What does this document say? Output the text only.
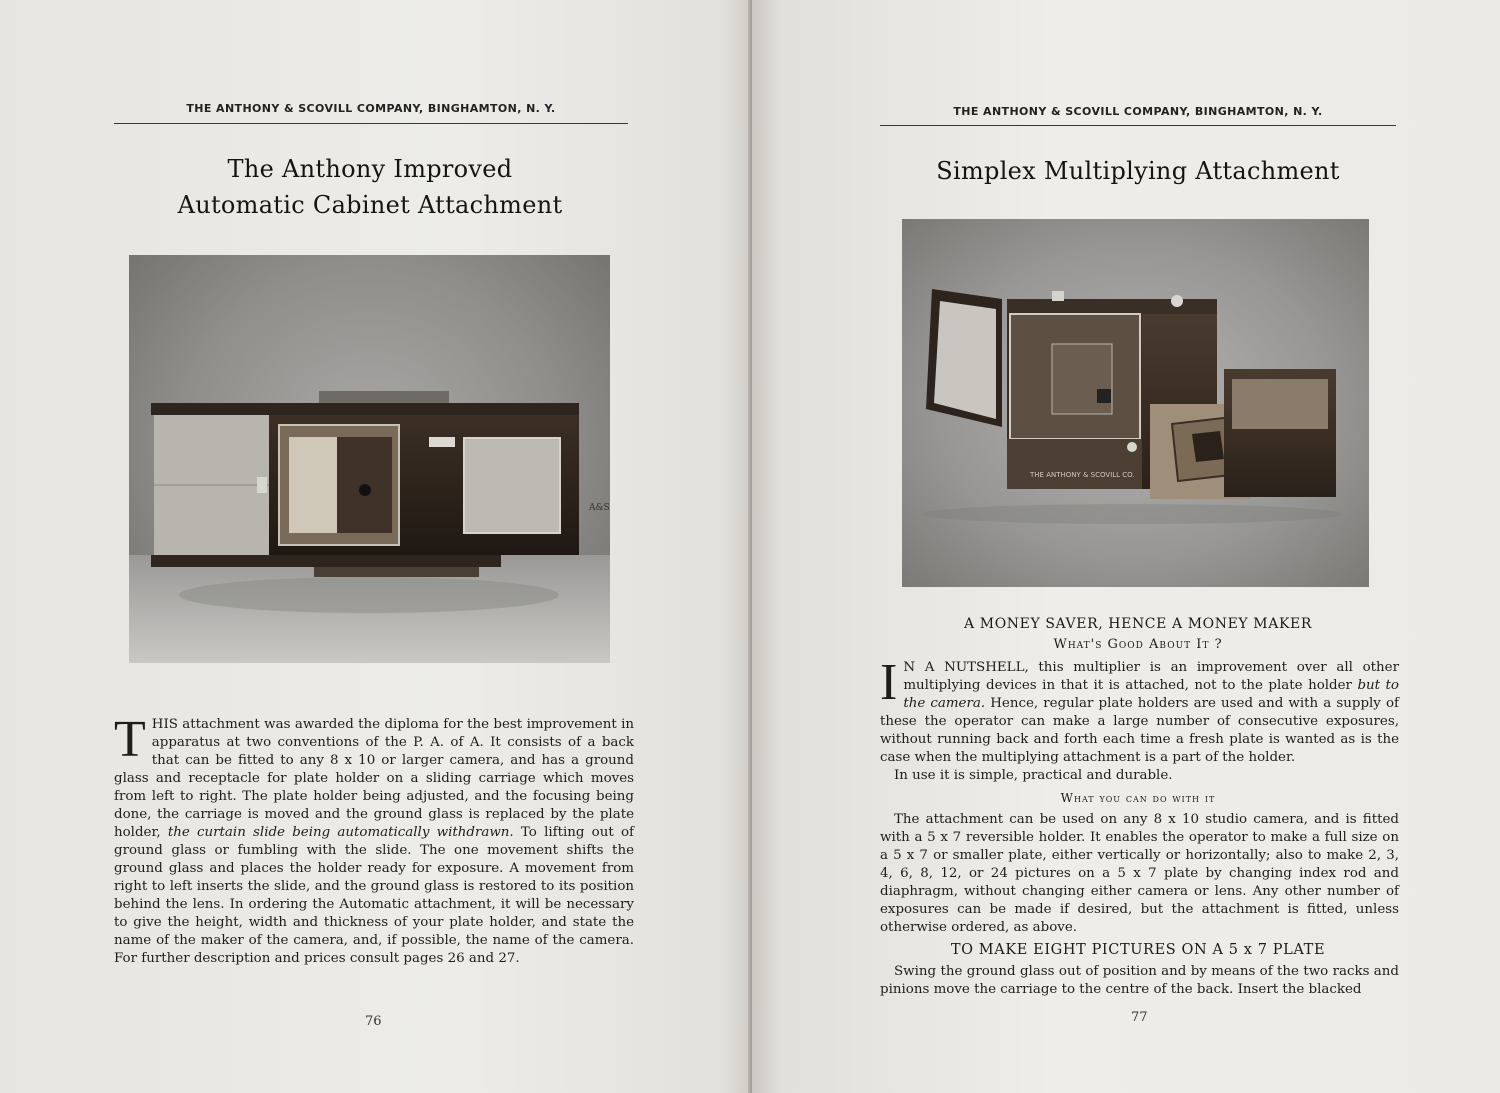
THE ANTHONY & SCOVILL COMPANY, BINGHAMTON, N. Y.
The Anthony Improved
Automatic Cabinet Attachment
A&S

THIS attachment was awarded the diploma for the best improvement in apparatus at two conventions of the P. A. of A. It consists of a back that can be fitted to any 8 x 10 or larger camera, and has a ground glass and receptacle for plate holder on a sliding carriage which moves from left to right. The plate holder being adjusted, and the focusing being done, the carriage is moved and the ground glass is replaced by the plate holder, the curtain slide being automatically withdrawn. To lifting out of ground glass or fumbling with the slide. The one movement shifts the ground glass and places the holder ready for exposure. A movement from right to left inserts the slide, and the ground glass is restored to its position behind the lens. In ordering the Automatic attachment, it will be necessary to give the height, width and thickness of your plate holder, and state the name of the maker of the camera, and, if possible, the name of the camera. For further description and prices consult pages 26 and 27.

76
THE ANTHONY & SCOVILL COMPANY, BINGHAMTON, N. Y.
Simplex Multiplying Attachment
THE ANTHONY & SCOVILL CO.
A MONEY SAVER, HENCE A MONEY MAKER
What's Good About It ?

I N A NUTSHELL, this multiplier is an improvement over all other multiplying devices in that it is attached, not to the plate holder but to the camera. Hence, regular plate holders are used and with a supply of these the operator can make a large number of consecutive exposures, without running back and forth each time a fresh plate is wanted as is the case when the multiplying attachment is a part of the holder.

In use it is simple, practical and durable.

What you can do with it
The attachment can be used on any 8 x 10 studio camera, and is fitted with a 5 x 7 reversible holder. It enables the operator to make a full size on a 5 x 7 or smaller plate, either vertically or horizontally; also to make 2, 3, 4, 6, 8, 12, or 24 pictures on a 5 x 7 plate by changing index rod and diaphragm, without changing either camera or lens. Any other number of exposures can be made if desired, but the attachment is fitted, unless otherwise ordered, as above.
TO MAKE EIGHT PICTURES ON A 5 x 7 PLATE
Swing the ground glass out of position and by means of the two racks and pinions move the carriage to the centre of the back. Insert the blacked
77
